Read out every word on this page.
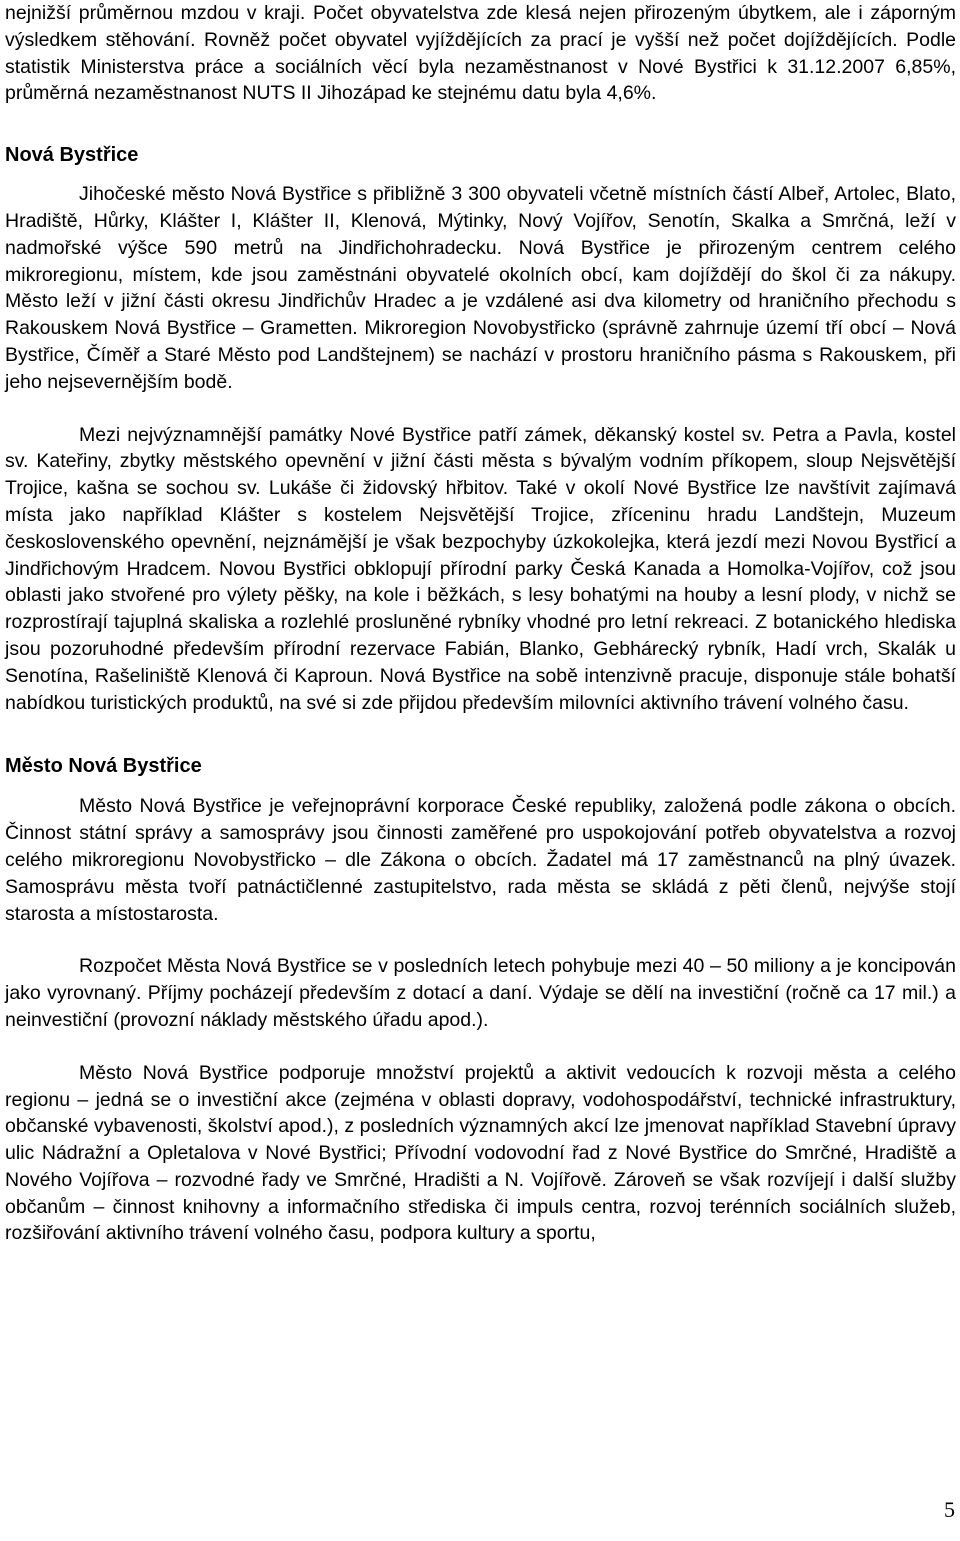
nejnižší průměrnou mzdou v kraji. Počet obyvatelstva zde klesá nejen přirozeným úbytkem, ale i záporným výsledkem stěhování. Rovněž počet obyvatel vyjíždějících za prací je vyšší než počet dojíždějících. Podle statistik Ministerstva práce a sociálních věcí byla nezaměstnanost v Nové Bystřici k 31.12.2007 6,85%, průměrná nezaměstnanost NUTS II Jihozápad ke stejnému datu byla 4,6%.

Nová Bystřice

Jihočeské město Nová Bystřice s přibližně 3 300 obyvateli včetně místních částí Albeř, Artolec, Blato, Hradiště, Hůrky, Klášter I, Klášter II, Klenová, Mýtinky, Nový Vojířov, Senotín, Skalka a Smrčná, leží v nadmořské výšce 590 metrů na Jindřichohradecku. Nová Bystřice je přirozeným centrem celého mikroregionu, místem, kde jsou zaměstnáni obyvatelé okolních obcí, kam dojíždějí do škol či za nákupy. Město leží v jižní části okresu Jindřichův Hradec a je vzdálené asi dva kilometry od hraničního přechodu s Rakouskem Nová Bystřice – Grametten. Mikroregion Novobystřicko (správně zahrnuje území tří obcí – Nová Bystřice, Číměř a Staré Město pod Landštejnem) se nachází v prostoru hraničního pásma s Rakouskem, při jeho nejsevernějším bodě.

Mezi nejvýznamnější památky Nové Bystřice patří zámek, děkanský kostel sv. Petra a Pavla, kostel sv. Kateřiny, zbytky městského opevnění v jižní části města s bývalým vodním příkopem, sloup Nejsvětější Trojice, kašna se sochou sv. Lukáše či židovský hřbitov. Také v okolí Nové Bystřice lze navštívit zajímavá místa jako například Klášter s kostelem Nejsvětější Trojice, zříceninu hradu Landštejn, Muzeum československého opevnění, nejznámější je však bezpochyby úzkokolejka, která jezdí mezi Novou Bystřicí a Jindřichovým Hradcem. Novou Bystřici obklopují přírodní parky Česká Kanada a Homolka-Vojířov, což jsou oblasti jako stvořené pro výlety pěšky, na kole i běžkách, s lesy bohatými na houby a lesní plody, v nichž se rozprostírají tajuplná skaliska a rozlehlé prosluněné rybníky vhodné pro letní rekreaci. Z botanického hlediska jsou pozoruhodné především přírodní rezervace Fabián, Blanko, Gebhárecký rybník, Hadí vrch, Skalák u Senotína, Rašeliniště Klenová či Kaproun. Nová Bystřice na sobě intenzivně pracuje, disponuje stále bohatší nabídkou turistických produktů, na své si zde přijdou především milovníci aktivního trávení volného času.

Město Nová Bystřice

Město Nová Bystřice je veřejnoprávní korporace České republiky, založená podle zákona o obcích. Činnost státní správy a samosprávy jsou činnosti zaměřené pro uspokojování potřeb obyvatelstva a rozvoj celého mikroregionu Novobystřicko – dle Zákona o obcích. Žadatel má 17 zaměstnanců na plný úvazek. Samosprávu města tvoří patnáctičlenné zastupitelstvo, rada města se skládá z pěti členů, nejvýše stojí starosta a místostarosta.

Rozpočet Města Nová Bystřice se v posledních letech pohybuje mezi 40 – 50 miliony a je koncipován jako vyrovnaný. Příjmy pocházejí především z dotací a daní. Výdaje se dělí na investiční (ročně ca 17 mil.) a neinvestiční (provozní náklady městského úřadu apod.).

Město Nová Bystřice podporuje množství projektů a aktivit vedoucích k rozvoji města a celého regionu – jedná se o investiční akce (zejména v oblasti dopravy, vodohospodářství, technické infrastruktury, občanské vybavenosti, školství apod.), z posledních významných akcí lze jmenovat například Stavební úpravy ulic Nádražní a Opletalova v Nové Bystřici; Přívodní vodovodní řad z Nové Bystřice do Smrčné, Hradiště a Nového Vojířova – rozvodné řady ve Smrčné, Hradišti a N. Vojířově. Zároveň se však rozvíjejí i další služby občanům – činnost knihovny a informačního střediska či impuls centra, rozvoj terénních sociálních služeb, rozšiřování aktivního trávení volného času, podpora kultury a sportu,

5
